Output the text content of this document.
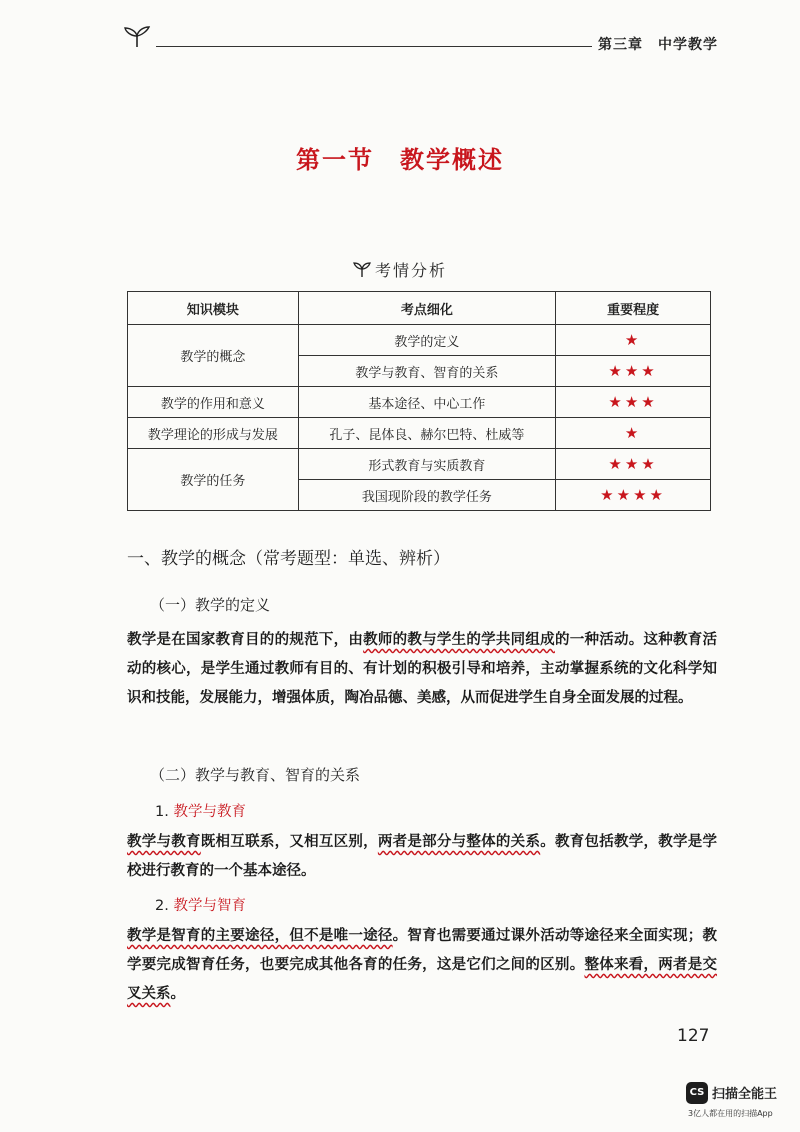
第三章　中学教学
第一节　教学概述
考情分析
知识模块	考点细化	重要程度
教学的概念	教学的定义	★
	教学与教育、智育的关系	★★★
教学的作用和意义	基本途径、中心工作	★★★
教学理论的形成与发展	孔子、昆体良、赫尔巴特、杜威等	★
教学的任务	形式教育与实质教育	★★★
	我国现阶段的教学任务	★★★★
一、教学的概念（常考题型：单选、辨析）
（一）教学的定义
教学是在国家教育目的的规范下，由教师的教与学生的学共同组成的一种活动。这种教育活动的核心，是学生通过教师有目的、有计划的积极引导和培养，主动掌握系统的文化科学知识和技能，发展能力，增强体质，陶冶品德、美感，从而促进学生自身全面发展的过程。
（二）教学与教育、智育的关系
1. 教学与教育
教学与教育既相互联系，又相互区别，两者是部分与整体的关系。教育包括教学，教学是学校进行教育的一个基本途径。
2. 教学与智育
教学是智育的主要途径，但不是唯一途径。智育也需要通过课外活动等途径来全面实现；教学要完成智育任务，也要完成其他各育的任务，这是它们之间的区别。整体来看，两者是交叉关系。
127
CS 扫描全能王
3亿人都在用的扫描App
